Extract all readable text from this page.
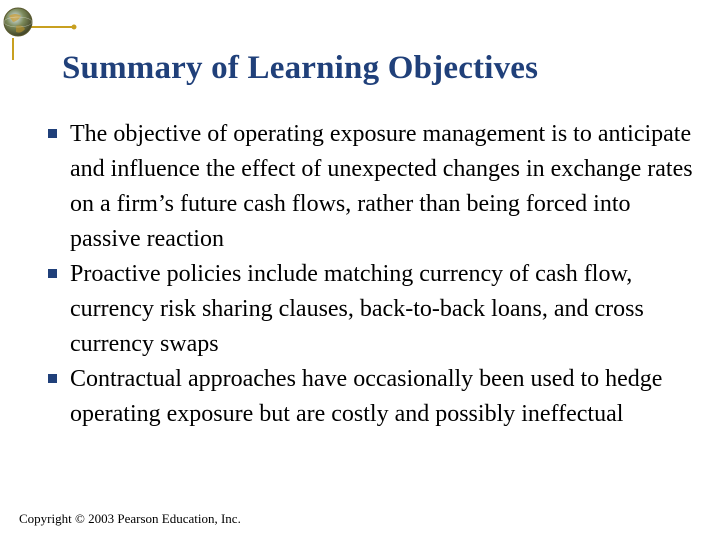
Summary of Learning Objectives
The objective of operating exposure management is to anticipate and influence the effect of unexpected changes in exchange rates on a firm’s future cash flows, rather than being forced into passive reaction
Proactive policies include matching currency of cash flow, currency risk sharing clauses, back-to-back loans, and cross currency swaps
Contractual approaches have occasionally been used to hedge operating exposure but are costly and possibly ineffectual
Copyright © 2003 Pearson Education, Inc.
